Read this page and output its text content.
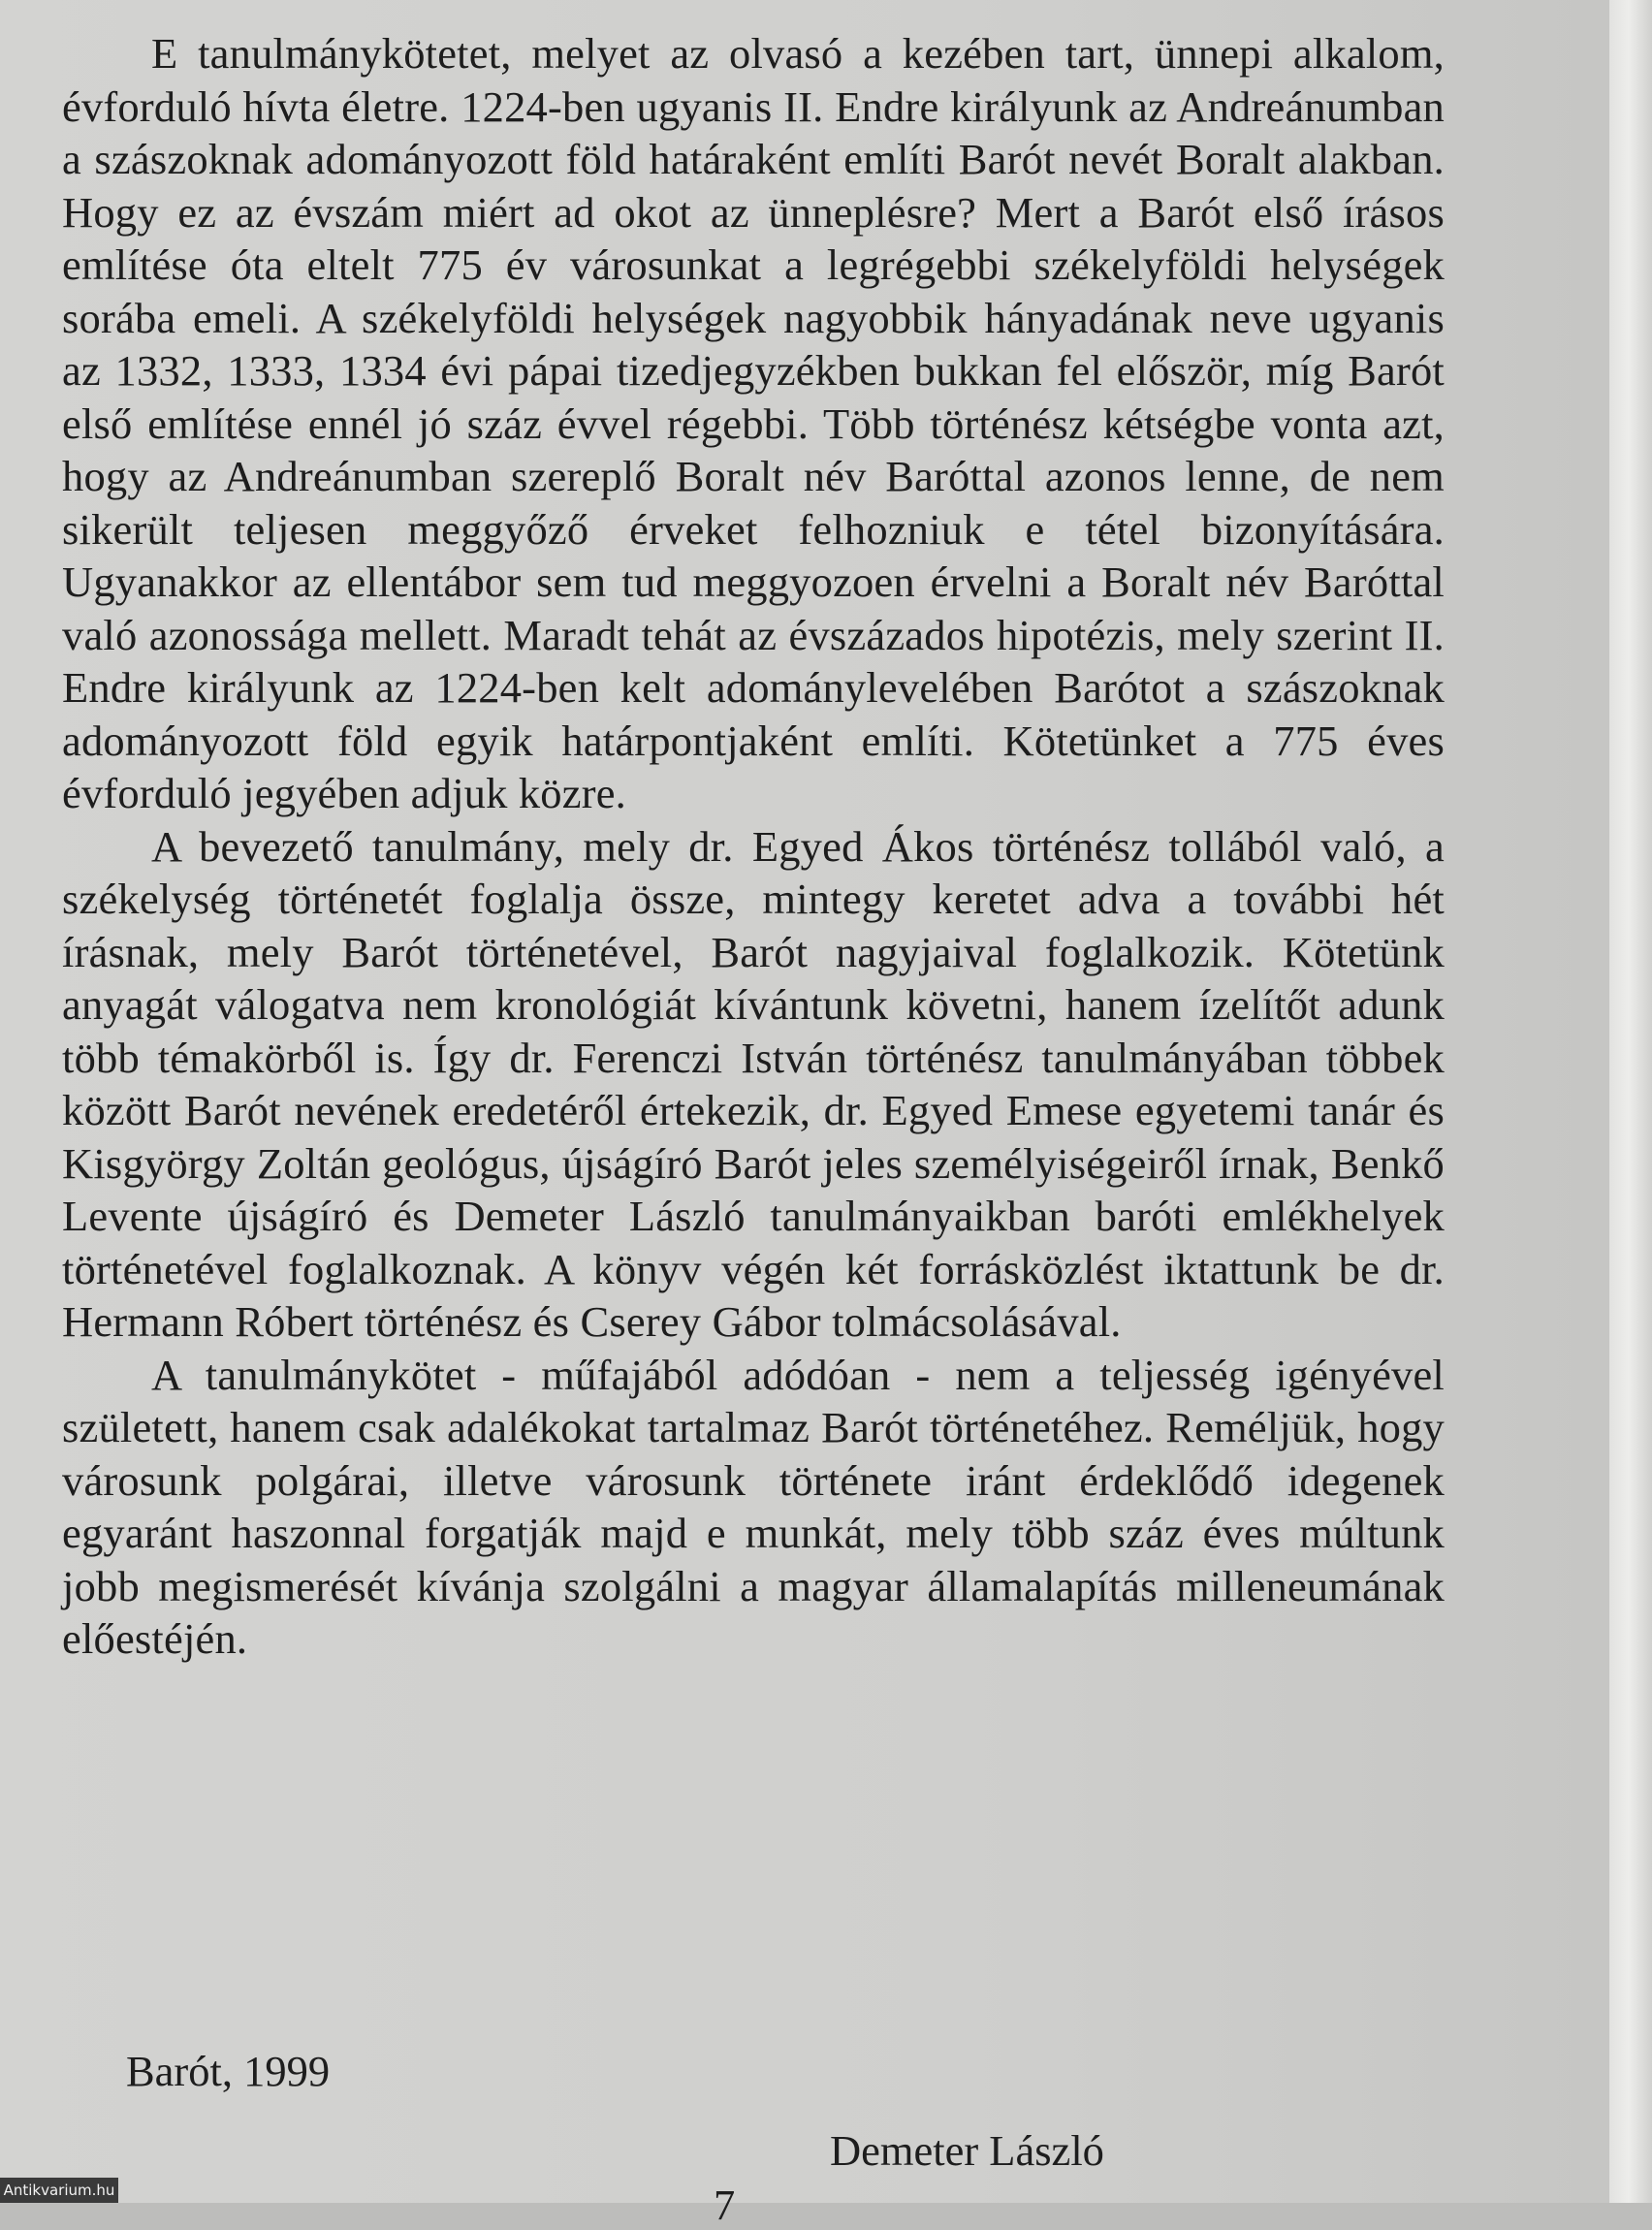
E tanulmánykötetet, melyet az olvasó a kezében tart, ünnepi alkalom, évforduló hívta életre. 1224-ben ugyanis II. Endre királyunk az Andreánumban a szászoknak adományozott föld határaként említi Barót nevét Boralt alakban. Hogy ez az évszám miért ad okot az ünneplésre? Mert a Barót első írásos említése óta eltelt 775 év városunkat a legrégebbi székelyföldi helységek sorába emeli. A székelyföldi helységek nagyobbik hányadának neve ugyanis az 1332, 1333, 1334 évi pápai tizedjegyzékben bukkan fel először, míg Barót első említése ennél jó száz évvel régebbi. Több történész kétségbe vonta azt, hogy az Andreánumban szereplő Boralt név Baróttal azonos lenne, de nem sikerült teljesen meggyőző érveket felhozniuk e tétel bizonyítására. Ugyanakkor az ellentábor sem tud meggyozoen érvelni a Boralt név Baróttal való azonossága mellett. Maradt tehát az évszázados hipotézis, mely szerint II. Endre királyunk az 1224-ben kelt adománylevelében Barótot a szászoknak adományozott föld egyik határpontjaként említi. Kötetünket a 775 éves évforduló jegyében adjuk közre.

A bevezető tanulmány, mely dr. Egyed Ákos történész tollából való, a székelység történetét foglalja össze, mintegy keretet adva a további hét írásnak, mely Barót történetével, Barót nagyjaival foglalkozik. Kötetünk anyagát válogatva nem kronológiát kívántunk követni, hanem ízelítőt adunk több témakörből is. Így dr. Ferenczi István történész tanulmányában többek között Barót nevének eredetéről értekezik, dr. Egyed Emese egyetemi tanár és Kisgyörgy Zoltán geológus, újságíró Barót jeles személyiségeiről írnak, Benkő Levente újságíró és Demeter László tanulmányaikban baróti emlékhelyek történetével foglalkoznak. A könyv végén két forrásközlést iktattunk be dr. Hermann Róbert történész és Cserey Gábor tolmácsolásával.

A tanulmánykötet - műfajából adódóan - nem a teljesség igényével született, hanem csak adalékokat tartalmaz Barót történetéhez. Reméljük, hogy városunk polgárai, illetve városunk története iránt érdeklődő idegenek egyaránt haszonnal forgatják majd e munkát, mely több száz éves múltunk jobb megismerését kívánja szolgálni a magyar államalapítás milleneumának előestéjén.

Barót, 1999
Demeter László
7
Antikvarium.hu
